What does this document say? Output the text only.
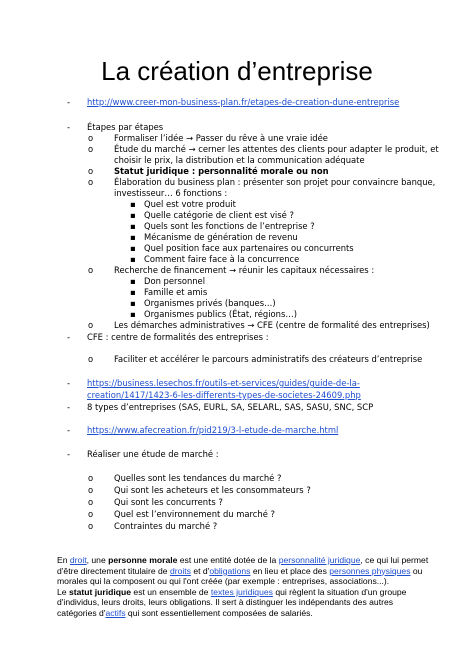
La création d’entreprise
- http://www.creer-mon-business-plan.fr/etapes-de-creation-dune-entreprise
- Étapes par étapes
o Formaliser l’idée → Passer du rêve à une vraie idée
o Étude du marché → cerner les attentes des clients pour adapter le produit, et
choisir le prix, la distribution et la communication adéquate
o Statut juridique : personnalité morale ou non
o Élaboration du business plan : présenter son projet pour convaincre banque,
investisseur… 6 fonctions :
▪ Quel est votre produit
▪ Quelle catégorie de client est visé ?
▪ Quels sont les fonctions de l’entreprise ?
▪ Mécanisme de génération de revenu
▪ Quel position face aux partenaires ou concurrents
▪ Comment faire face à la concurrence
o Recherche de financement → réunir les capitaux nécessaires :
▪ Don personnel
▪ Famille et amis
▪ Organismes privés (banques…)
▪ Organismes publics (État, régions…)
o Les démarches administratives → CFE (centre de formalité des entreprises)
- CFE : centre de formalités des entreprises :
o Faciliter et accélérer le parcours administratifs des créateurs d’entreprise
- https://business.lesechos.fr/outils-et-services/guides/guide-de-la-
creation/1417/1423-6-les-differents-types-de-societes-24609.php
- 8 types d’entreprises (SAS, EURL, SA, SELARL, SAS, SASU, SNC, SCP
- https://www.afecreation.fr/pid219/3-l-etude-de-marche.html
- Réaliser une étude de marché :
o Quelles sont les tendances du marché ?
o Qui sont les acheteurs et les consommateurs ?
o Qui sont les concurrents ?
o Quel est l’environnement du marché ?
o Contraintes du marché ?
En droit, une personne morale est une entité dotée de la personnalité juridique, ce qui lui permet
d'être directement titulaire de droits et d'obligations en lieu et place des personnes physiques ou
morales qui la composent ou qui l'ont créée (par exemple : entreprises, associations...).
Le statut juridique est un ensemble de textes juridiques qui règlent la situation d'un groupe
d'individus, leurs droits, leurs obligations. Il sert à distinguer les indépendants des autres
catégories d'actifs qui sont essentiellement composées de salariés.
